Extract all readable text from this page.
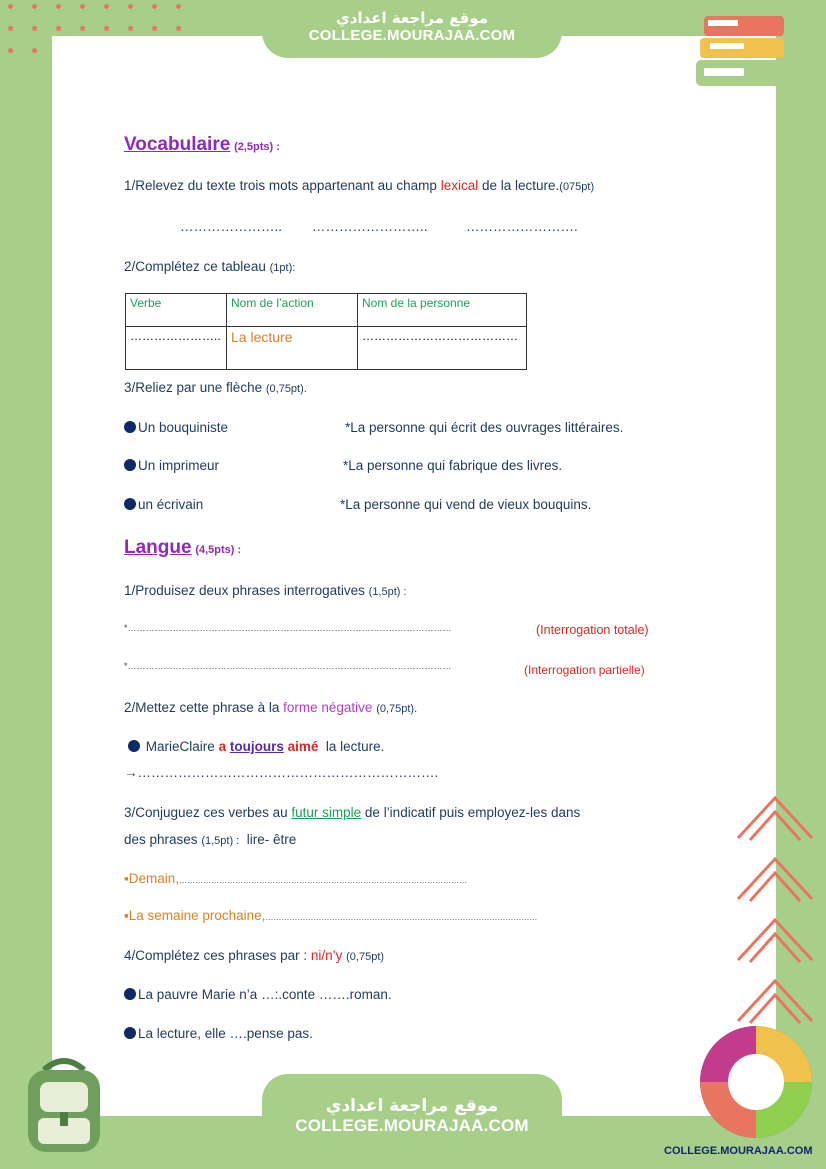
موقع مراجعة اعدادي
COLLEGE.MOURAJAA.COM
Vocabulaire (2,5pts) :
1/Relevez du texte trois mots appartenant au champ lexical de la lecture.(075pt)
………………….. ……………………..	…………………….
2/Complétez ce tableau (1pt):
Verbe	Nom de l’action	Nom de la personne
…………………..	La lecture	…………………………………
3/Reliez par une flèche (0,75pt).
Un bouquiniste
Un imprimeur
un écrivain
*La personne qui écrit des ouvrages littéraires.
*La personne qui fabrique des livres.
*La personne qui vend de vieux bouquins.
Langue (4,5pts) :
1/Produisez deux phrases interrogatives (1,5pt) :
*………………………………………………………………………………………………	(Interrogation totale)
*………………………………………………………………………………………………	(Interrogation partielle)
2/Mettez cette phrase à la forme négative (0,75pt).
MarieClaire a toujours aimé la lecture.
→………………………………………………………….
3/Conjuguez ces verbes au futur simple de l’indicatif puis employez-les dans
des phrases (1,5pt) : lire- être
▪Demain,………………………………………………………………………………………………
▪La semaine prochaine,…………………………………………………………………………………………
4/Complétez ces phrases par : ni/n’y (0,75pt)
La pauvre Marie n’a …:.conte …….roman.
La lecture, elle ….pense pas.
موقع مراجعة اعدادي
COLLEGE.MOURAJAA.COM
COLLEGE.MOURAJAA.COM
